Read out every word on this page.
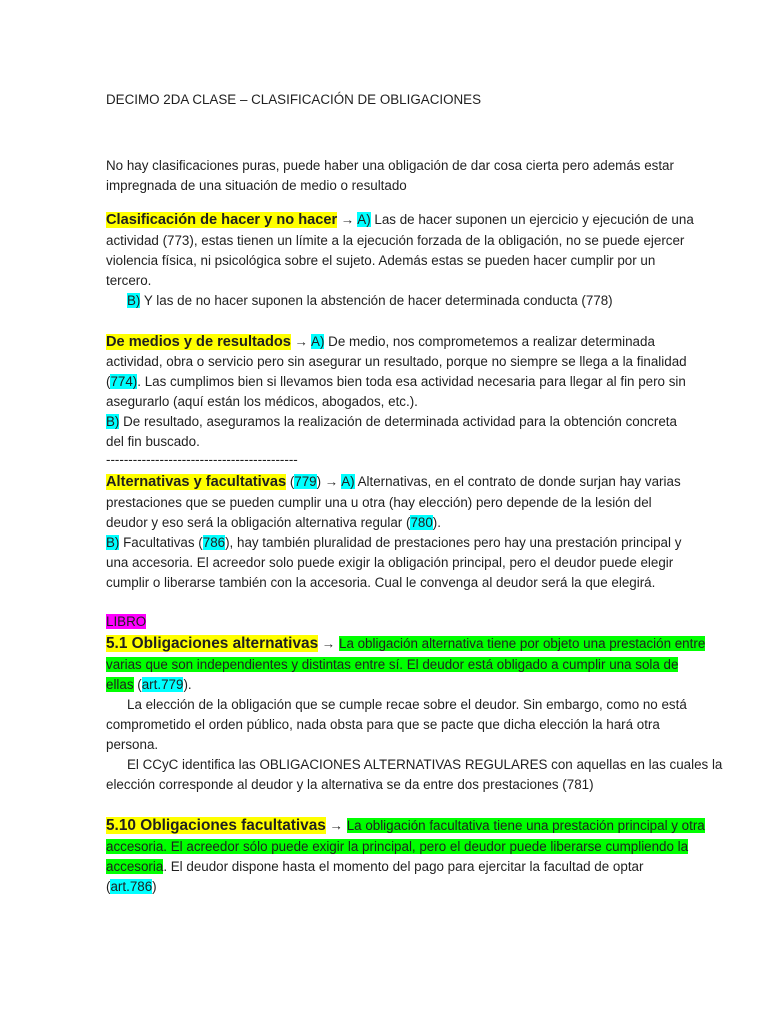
DECIMO 2DA CLASE – CLASIFICACIÓN DE OBLIGACIONES
No hay clasificaciones puras, puede haber una obligación de dar cosa cierta pero además estar
impregnada de una situación de medio o resultado
Clasificación de hacer y no hacer → A) Las de hacer suponen un ejercicio y ejecución de una
actividad (773), estas tienen un límite a la ejecución forzada de la obligación, no se puede ejercer
violencia física, ni psicológica sobre el sujeto. Además estas se pueden hacer cumplir por un
tercero.
B) Y las de no hacer suponen la abstención de hacer determinada conducta (778)
De medios y de resultados → A) De medio, nos comprometemos a realizar determinada
actividad, obra o servicio pero sin asegurar un resultado, porque no siempre se llega a la finalidad
(774). Las cumplimos bien si llevamos bien toda esa actividad necesaria para llegar al fin pero sin
asegurarlo (aquí están los médicos, abogados, etc.).
B) De resultado, aseguramos la realización de determinada actividad para la obtención concreta
del fin buscado.
-------------------------------------------
Alternativas y facultativas (779) → A) Alternativas, en el contrato de donde surjan hay varias
prestaciones que se pueden cumplir una u otra (hay elección) pero depende de la lesión del
deudor y eso será la obligación alternativa regular (780).
B) Facultativas (786), hay también pluralidad de prestaciones pero hay una prestación principal y
una accesoria. El acreedor solo puede exigir la obligación principal, pero el deudor puede elegir
cumplir o liberarse también con la accesoria. Cual le convenga al deudor será la que elegirá.
LIBRO
5.1 Obligaciones alternativas → La obligación alternativa tiene por objeto una prestación entre
varias que son independientes y distintas entre sí. El deudor está obligado a cumplir una sola de
ellas (art.779).
La elección de la obligación que se cumple recae sobre el deudor. Sin embargo, como no está
comprometido el orden público, nada obsta para que se pacte que dicha elección la hará otra
persona.
El CCyC identifica las OBLIGACIONES ALTERNATIVAS REGULARES con aquellas en las cuales la
elección corresponde al deudor y la alternativa se da entre dos prestaciones (781)
5.10 Obligaciones facultativas → La obligación facultativa tiene una prestación principal y otra
accesoria. El acreedor sólo puede exigir la principal, pero el deudor puede liberarse cumpliendo la
accesoria. El deudor dispone hasta el momento del pago para ejercitar la facultad de optar
(art.786)
